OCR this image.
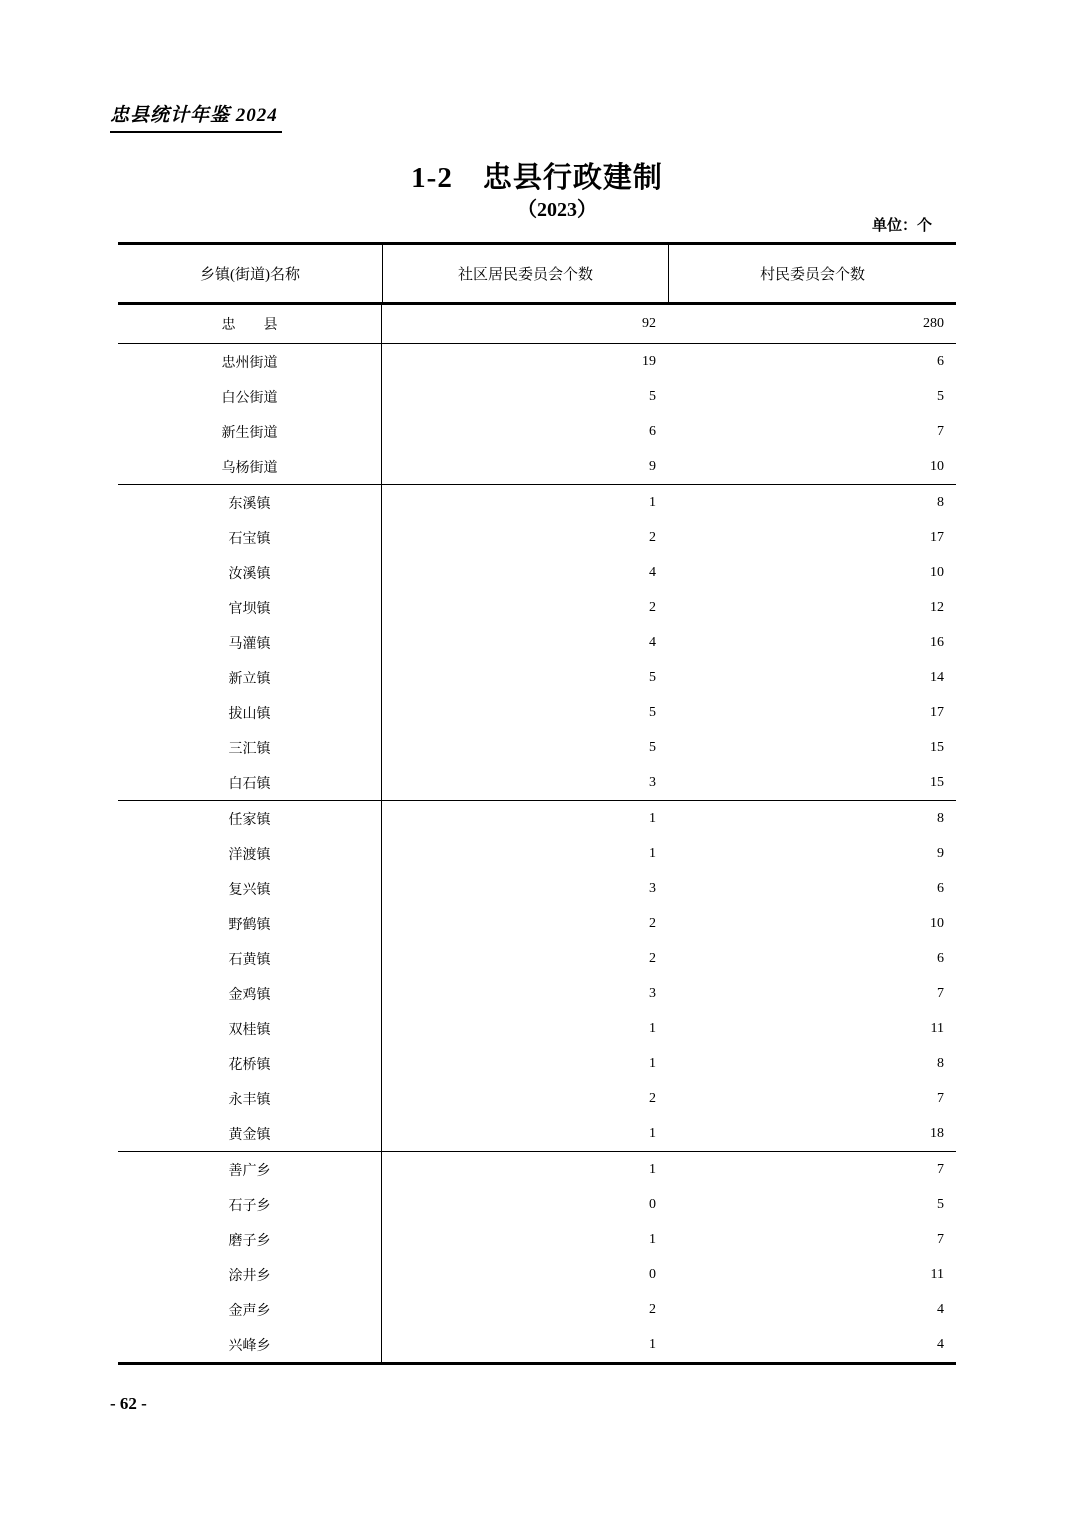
忠县统计年鉴 2024
1-2　忠县行政建制
（2023）
单位：个
乡镇(街道)名称	社区居民委员会个数	村民委员会个数
忠　　县	92	280
忠州街道	19	6
白公街道	5	5
新生街道	6	7
乌杨街道	9	10
东溪镇	1	8
石宝镇	2	17
汝溪镇	4	10
官坝镇	2	12
马灌镇	4	16
新立镇	5	14
拔山镇	5	17
三汇镇	5	15
白石镇	3	15
任家镇	1	8
洋渡镇	1	9
复兴镇	3	6
野鹤镇	2	10
石黄镇	2	6
金鸡镇	3	7
双桂镇	1	11
花桥镇	1	8
永丰镇	2	7
黄金镇	1	18
善广乡	1	7
石子乡	0	5
磨子乡	1	7
涂井乡	0	11
金声乡	2	4
兴峰乡	1	4
- 62 -
